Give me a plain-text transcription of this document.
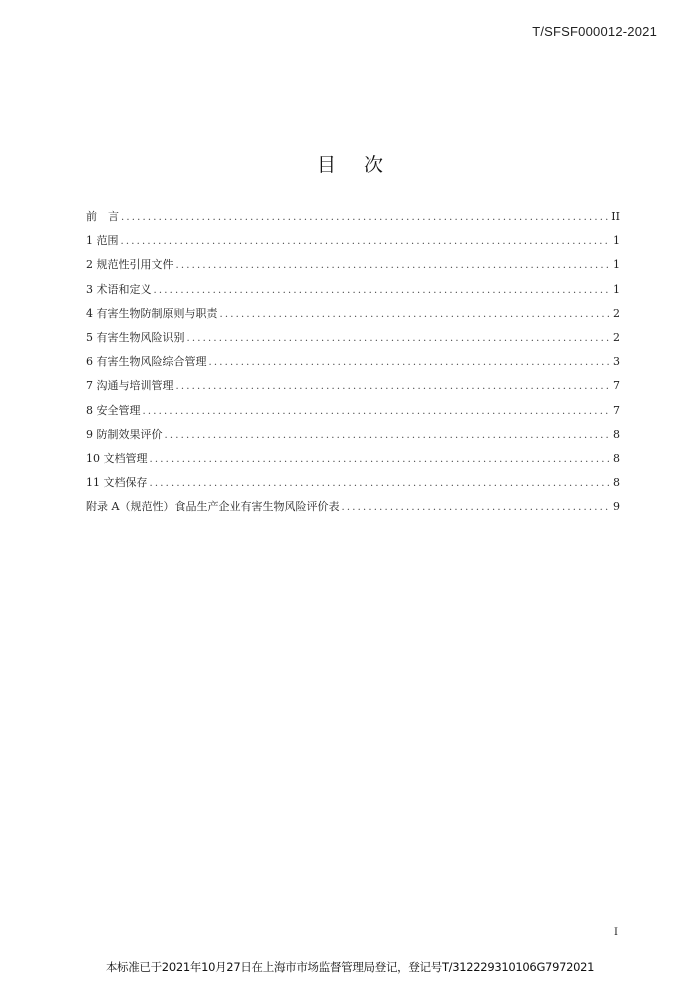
T/SFSF000012-2021
目 次
前　言 .....	II
1 范围 .....	1
2 规范性引用文件 .....	1
3 术语和定义 .....	1
4 有害生物防制原则与职责 .....	2
5 有害生物风险识别 .....	2
6 有害生物风险综合管理 .....	3
7 沟通与培训管理 .....	7
8 安全管理 .....	7
9 防制效果评价 .....	8
10 文档管理 .....	8
11 文档保存 .....	8
附录 A（规范性）食品生产企业有害生物风险评价表 .....	9
I
本标准已于2021年10月27日在上海市市场监督管理局登记，登记号T/31222931010​6G7972021
